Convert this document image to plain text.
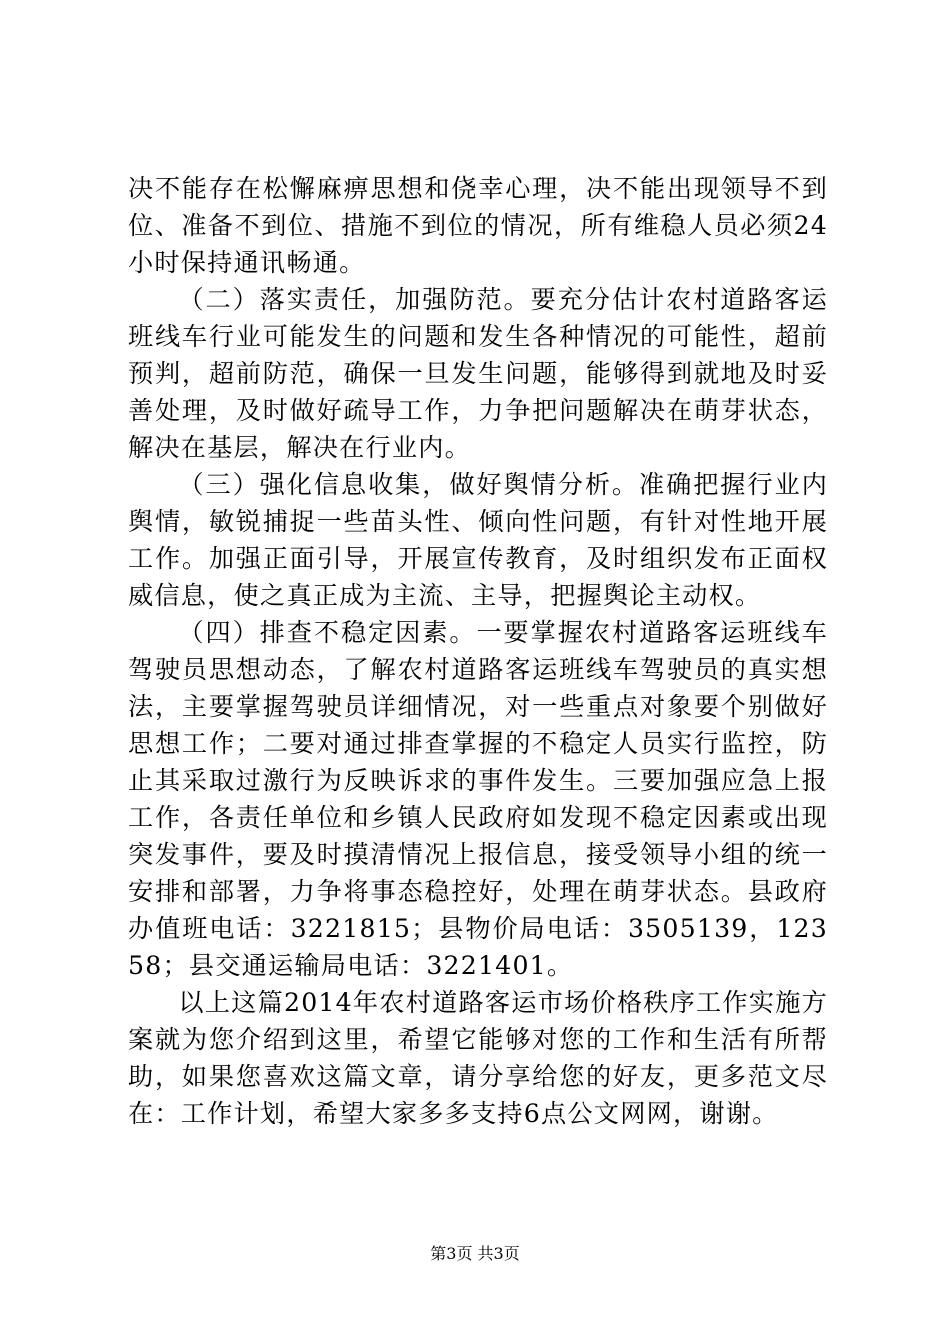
决不能存在松懈麻痹思想和侥幸心理，决不能出现领导不到位、准备不到位、措施不到位的情况，所有维稳人员必须24小时保持通讯畅通。

（二）落实责任，加强防范。要充分估计农村道路客运班线车行业可能发生的问题和发生各种情况的可能性，超前预判，超前防范，确保一旦发生问题，能够得到就地及时妥善处理，及时做好疏导工作，力争把问题解决在萌芽状态，解决在基层，解决在行业内。

（三）强化信息收集，做好舆情分析。准确把握行业内舆情，敏锐捕捉一些苗头性、倾向性问题，有针对性地开展工作。加强正面引导，开展宣传教育，及时组织发布正面权威信息，使之真正成为主流、主导，把握舆论主动权。

（四）排查不稳定因素。一要掌握农村道路客运班线车驾驶员思想动态，了解农村道路客运班线车驾驶员的真实想法，主要掌握驾驶员详细情况，对一些重点对象要个别做好思想工作；二要对通过排查掌握的不稳定人员实行监控，防止其采取过激行为反映诉求的事件发生。三要加强应急上报工作，各责任单位和乡镇人民政府如发现不稳定因素或出现突发事件，要及时摸清情况上报信息，接受领导小组的统一安排和部署，力争将事态稳控好，处理在萌芽状态。县政府办值班电话：3221815；县物价局电话：3505139，12358；县交通运输局电话：3221401。

以上这篇2014年农村道路客运市场价格秩序工作实施方案就为您介绍到这里，希望它能够对您的工作和生活有所帮助，如果您喜欢这篇文章，请分享给您的好友，更多范文尽在：工作计划，希望大家多多支持6点公文网网，谢谢。

第3页 共3页
